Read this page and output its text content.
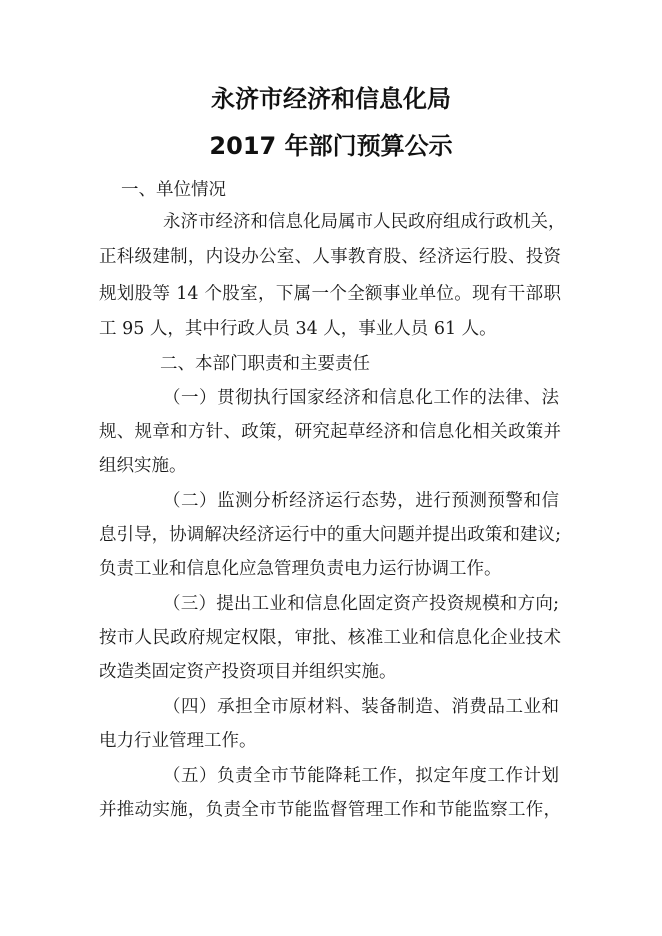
永济市经济和信息化局
2017 年部门预算公示

一、单位情况

永济市经济和信息化局属市人民政府组成行政机关，

正科级建制，内设办公室、人事教育股、经济运行股、投资

规划股等 14 个股室，下属一个全额事业单位。现有干部职

工 95 人，其中行政人员 34 人，事业人员 61 人。

二、本部门职责和主要责任

（一）贯彻执行国家经济和信息化工作的法律、法

规、规章和方针、政策，研究起草经济和信息化相关政策并

组织实施。

（二）监测分析经济运行态势，进行预测预警和信

息引导，协调解决经济运行中的重大问题并提出政策和建议;

负责工业和信息化应急管理负责电力运行协调工作。

（三）提出工业和信息化固定资产投资规模和方向;

按市人民政府规定权限，审批、核准工业和信息化企业技术

改造类固定资产投资项目并组织实施。

（四）承担全市原材料、装备制造、消费品工业和

电力行业管理工作。

（五）负责全市节能降耗工作，拟定年度工作计划

并推动实施，负责全市节能监督管理工作和节能监察工作，
